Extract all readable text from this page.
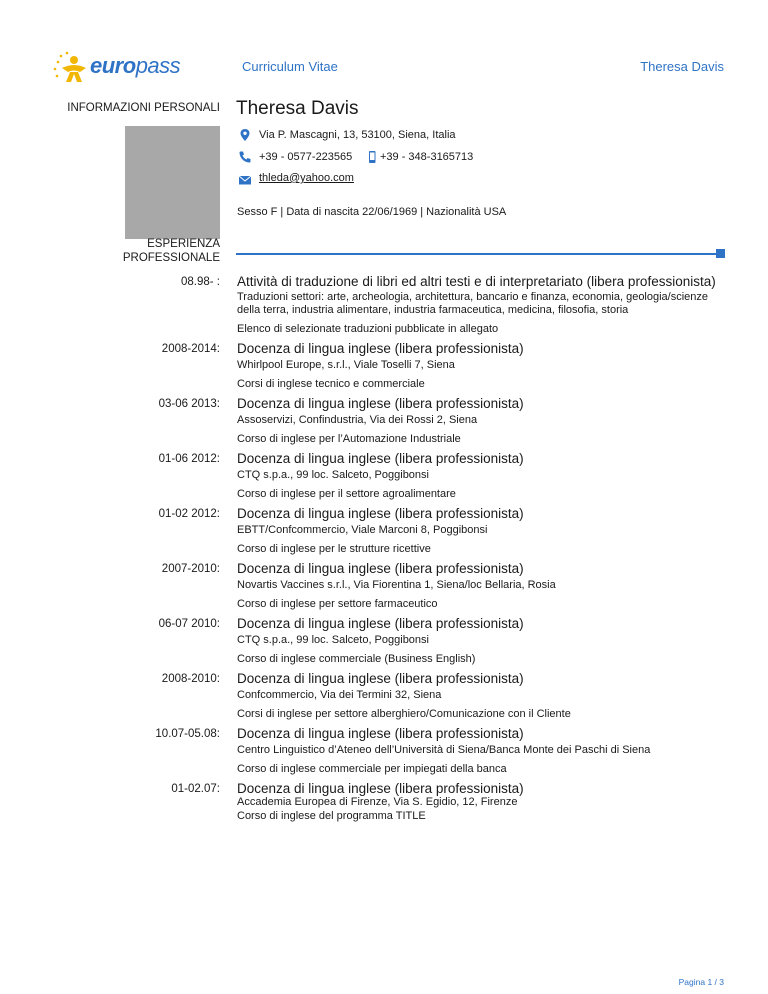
europass	Curriculum Vitae	Theresa Davis
INFORMAZIONI PERSONALI Theresa Davis
Via P. Mascagni, 13, 53100, Siena, Italia
+39 - 0577-223565	+39 - 348-3165713
thleda@yahoo.com
Sesso F | Data di nascita 22/06/1969 | Nazionalità USA
ESPERIENZA
PROFESSIONALE
08.98- : Attività di traduzione di libri ed altri testi e di interpretariato (libera professionista)
Traduzioni settori: arte, archeologia, architettura, bancario e finanza, economia, geologia/scienze della terra, industria alimentare, industria farmaceutica, medicina, filosofia, storia
Elenco di selezionate traduzioni pubblicate in allegato
2008-2014: Docenza di lingua inglese (libera professionista)
Whirlpool Europe, s.r.l., Viale Toselli 7, Siena
Corsi di inglese tecnico e commerciale
03-06 2013: Docenza di lingua inglese (libera professionista)
Assoservizi, Confindustria, Via dei Rossi 2, Siena
Corso di inglese per l’Automazione Industriale
01-06 2012: Docenza di lingua inglese (libera professionista)
CTQ s.p.a., 99 loc. Salceto, Poggibonsi
Corso di inglese per il settore agroalimentare
01-02 2012: Docenza di lingua inglese (libera professionista)
EBTT/Confcommercio, Viale Marconi 8, Poggibonsi
Corso di inglese per le strutture ricettive
2007-2010: Docenza di lingua inglese (libera professionista)
Novartis Vaccines s.r.l., Via Fiorentina 1, Siena/loc Bellaria, Rosia
Corso di inglese per settore farmaceutico
06-07 2010: Docenza di lingua inglese (libera professionista)
CTQ s.p.a., 99 loc. Salceto, Poggibonsi
Corso di inglese commerciale (Business English)
2008-2010: Docenza di lingua inglese (libera professionista)
Confcommercio, Via dei Termini 32, Siena
Corsi di inglese per settore alberghiero/Comunicazione con il Cliente
10.07-05.08: Docenza di lingua inglese (libera professionista)
Centro Linguistico d’Ateneo dell’Università di Siena/Banca Monte dei Paschi di Siena
Corso di inglese commerciale per impiegati della banca
01-02.07: Docenza di lingua inglese (libera professionista)
Accademia Europea di Firenze, Via S. Egidio, 12, Firenze
Corso di inglese del programma TITLE
Pagina 1 / 3
